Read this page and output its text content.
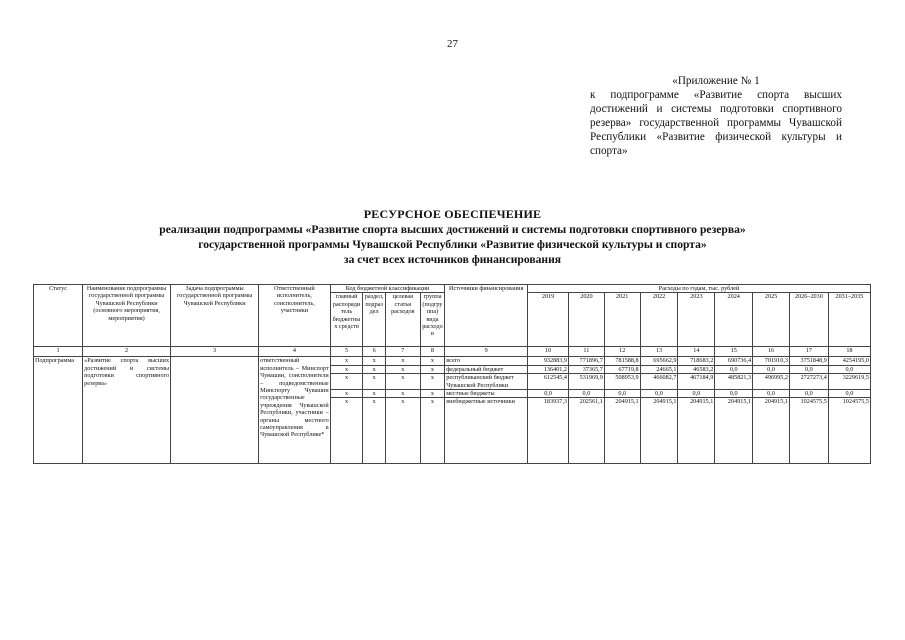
27
«Приложение № 1
к подпрограмме «Развитие спорта высших достижений и системы подготовки спортивного резерва» государственной программы Чувашской Республики «Развитие физической культуры и спорта»
РЕСУРСНОЕ ОБЕСПЕЧЕНИЕ
реализации подпрограммы «Развитие спорта высших достижений и системы подготовки спортивного резерва»
государственной программы Чувашской Республики «Развитие физической культуры и спорта»
за счет всех источников финансирования
Статус	Наименование подпрограммы государственной программы Чувашской Республики (основного мероприятия, мероприятия)	Задача подпрограммы государственной программы Чувашской Республики	Ответственный исполнитель, соисполнитель, участники	Код бюджетной классификации				Источники финансирования	Расходы по годам, тыс. рублей								
				главный распорядитель бюджетных средств	раздел, подраздел	целевая статья расходов	группа (подгруппа) вида расходов		2019	2020	2021	2022	2023	2024	2025	2026–2030	2031–2035

1	2	3	4	5	6	7	8	9	10	11	12	13	14	15	16	17	18
Подпрограмма	«Развитие спорта высших достижений и системы подготовки спортивного резерва»		ответственный исполнитель – Минспорт Чувашии, соисполнители – подведомственные Минспорту Чувашии государственные учреждения Чувашской Республики, участники – органы местного самоуправления в Чувашской Республике*	x	x	x	x	всего	932883,9	771896,7	781588,8	695662,9	718683,2	690736,4	701910,3	3751848,9	4254195,0
				x	x	x	x	федеральный бюджет	136401,2	37365,7	67719,8	24665,1	46583,2	0,0	0,0	0,0	0,0
				x	x	x	x	республиканский бюджет Чувашской Республики	612545,4	531969,9	508953,9	466082,7	467184,9	485821,3	496995,2	2727273,4	3229619,5
				x	x	x	x	местные бюджеты	0,0	0,0	0,0	0,0	0,0	0,0	0,0	0,0	0,0
				x	x	x	x	внебюджетные источники	183937,3	202561,1	204915,1	204915,1	204915,1	204915,1	204915,1	1024575,5	1024575,5
